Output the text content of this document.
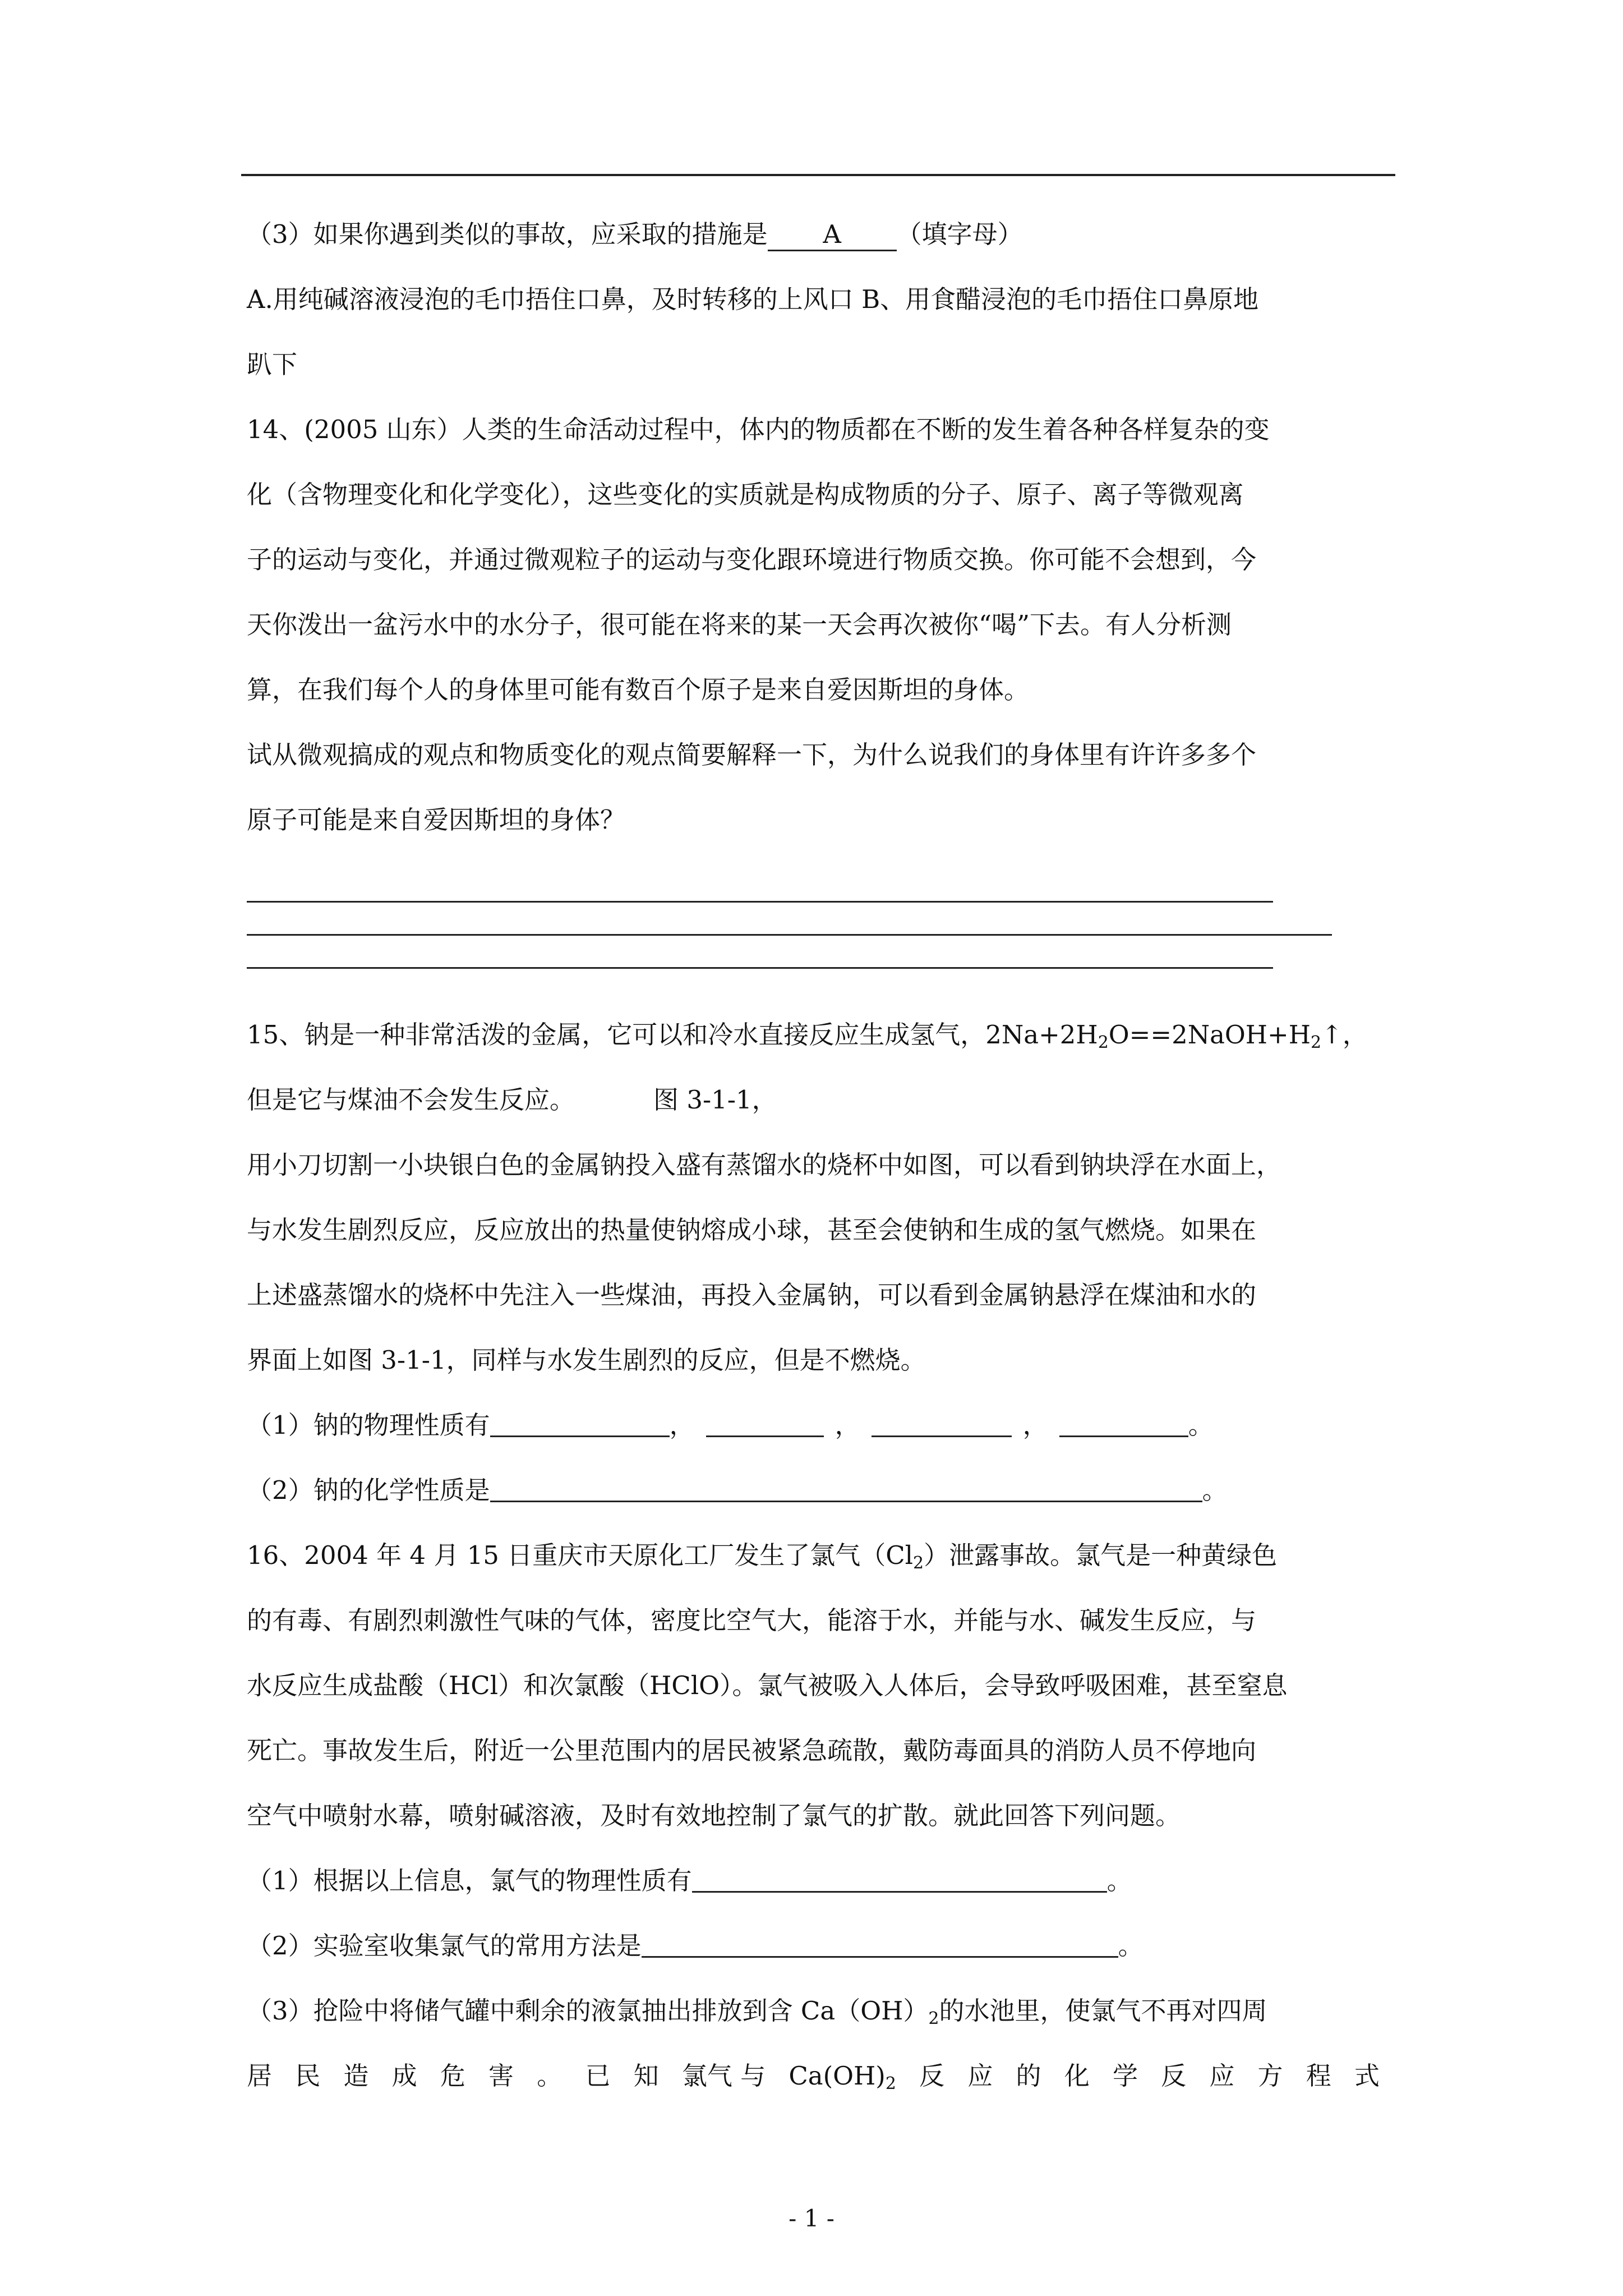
（3）如果你遇到类似的事故，应采取的措施是 A （填字母）
A.用纯碱溶液浸泡的毛巾捂住口鼻，及时转移的上风口 B、用食醋浸泡的毛巾捂住口鼻原地
趴下
14、(2005 山东）人类的生命活动过程中，体内的物质都在不断的发生着各种各样复杂的变
化（含物理变化和化学变化），这些变化的实质就是构成物质的分子、原子、离子等微观离
子的运动与变化，并通过微观粒子的运动与变化跟环境进行物质交换。你可能不会想到，今
天你泼出一盆污水中的水分子，很可能在将来的某一天会再次被你“喝”下去。有人分析测
算，在我们每个人的身体里可能有数百个原子是来自爱因斯坦的身体。
试从微观搞成的观点和物质变化的观点简要解释一下，为什么说我们的身体里有许许多多个
原子可能是来自爱因斯坦的身体？
15、钠是一种非常活泼的金属，它可以和冷水直接反应生成氢气，$2Na+2H_2O==2NaOH+H_2↑$，
但是它与煤油不会发生反应。	图 3-1-1，
用小刀切割一小块银白色的金属钠投入盛有蒸馏水的烧杯中如图，可以看到钠块浮在水面上，
与水发生剧烈反应，反应放出的热量使钠熔成小球，甚至会使钠和生成的氢气燃烧。如果在
上述盛蒸馏水的烧杯中先注入一些煤油，再投入金属钠，可以看到金属钠悬浮在煤油和水的
界面上如图 3-1-1，同样与水发生剧烈的反应，但是不燃烧。
（1）钠的物理性质有	，	，	，	。
（2）钠的化学性质是	。
16、2004 年 4 月 15 日重庆市天原化工厂发生了氯气$(Cl_2)$泄露事故。氯气是一种黄绿色
的有毒、有剧烈刺激性气味的气体，密度比空气大，能溶于水，并能与水、碱发生反应，与
水反应生成盐酸（HCl）和次氯酸（HClO）。氯气被吸入人体后，会导致呼吸困难，甚至窒息
死亡。事故发生后，附近一公里范围内的居民被紧急疏散，戴防毒面具的消防人员不停地向
空气中喷射水幕，喷射碱溶液，及时有效地控制了氯气的扩散。就此回答下列问题。
（1）根据以上信息，氯气的物理性质有	。
（2）实验室收集氯气的常用方法是	。
（3）抢险中将储气罐中剩余的液氯抽出排放到含 $Ca(OH)_2$的水池里，使氯气不再对四周
居 民 造 成 危 害 。 已 知 氯气 与 $Ca(OH)_2$ 反 应 的 化 学 反 应 方 程 式
- 1 -
